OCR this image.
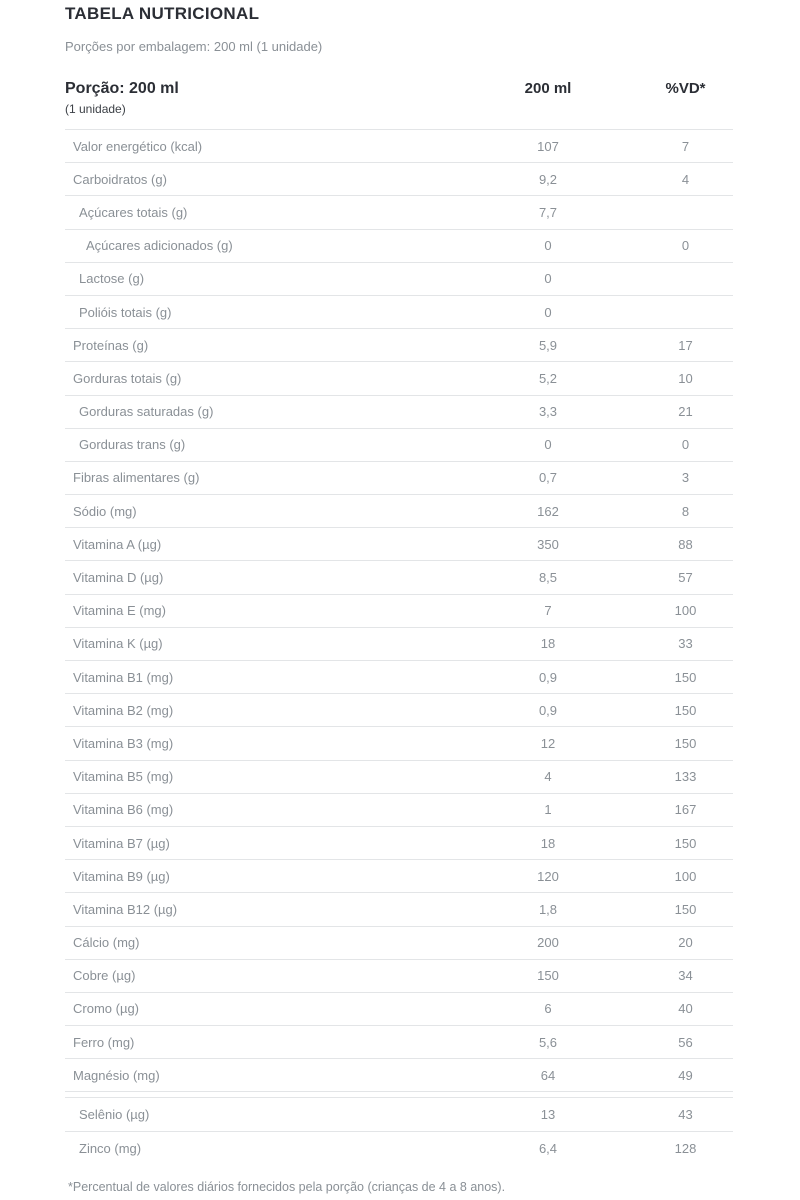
TABELA NUTRICIONAL
Porções por embalagem: 200 ml (1 unidade)
Porção: 200 ml
(1 unidade)
200 ml	%VD*
Valor energético (kcal)	107	7
Carboidratos (g)	9,2	4
Açúcares totais (g)	7,7
Açúcares adicionados (g)	0	0
Lactose (g)	0
Polióis totais (g)	0
Proteínas (g)	5,9	17
Gorduras totais (g)	5,2	10
Gorduras saturadas (g)	3,3	21
Gorduras trans (g)	0	0
Fibras alimentares (g)	0,7	3
Sódio (mg)	162	8
Vitamina A (µg)	350	88
Vitamina D (µg)	8,5	57
Vitamina E (mg)	7	100
Vitamina K (µg)	18	33
Vitamina B1 (mg)	0,9	150
Vitamina B2 (mg)	0,9	150
Vitamina B3 (mg)	12	150
Vitamina B5 (mg)	4	133
Vitamina B6 (mg)	1	167
Vitamina B7 (µg)	18	150
Vitamina B9 (µg)	120	100
Vitamina B12 (µg)	1,8	150
Cálcio (mg)	200	20
Cobre (µg)	150	34
Cromo (µg)	6	40
Ferro (mg)	5,6	56
Magnésio (mg)	64	49
Selênio (µg)	13	43
Zinco (mg)	6,4	128
*Percentual de valores diários fornecidos pela porção (crianças de 4 a 8 anos).
